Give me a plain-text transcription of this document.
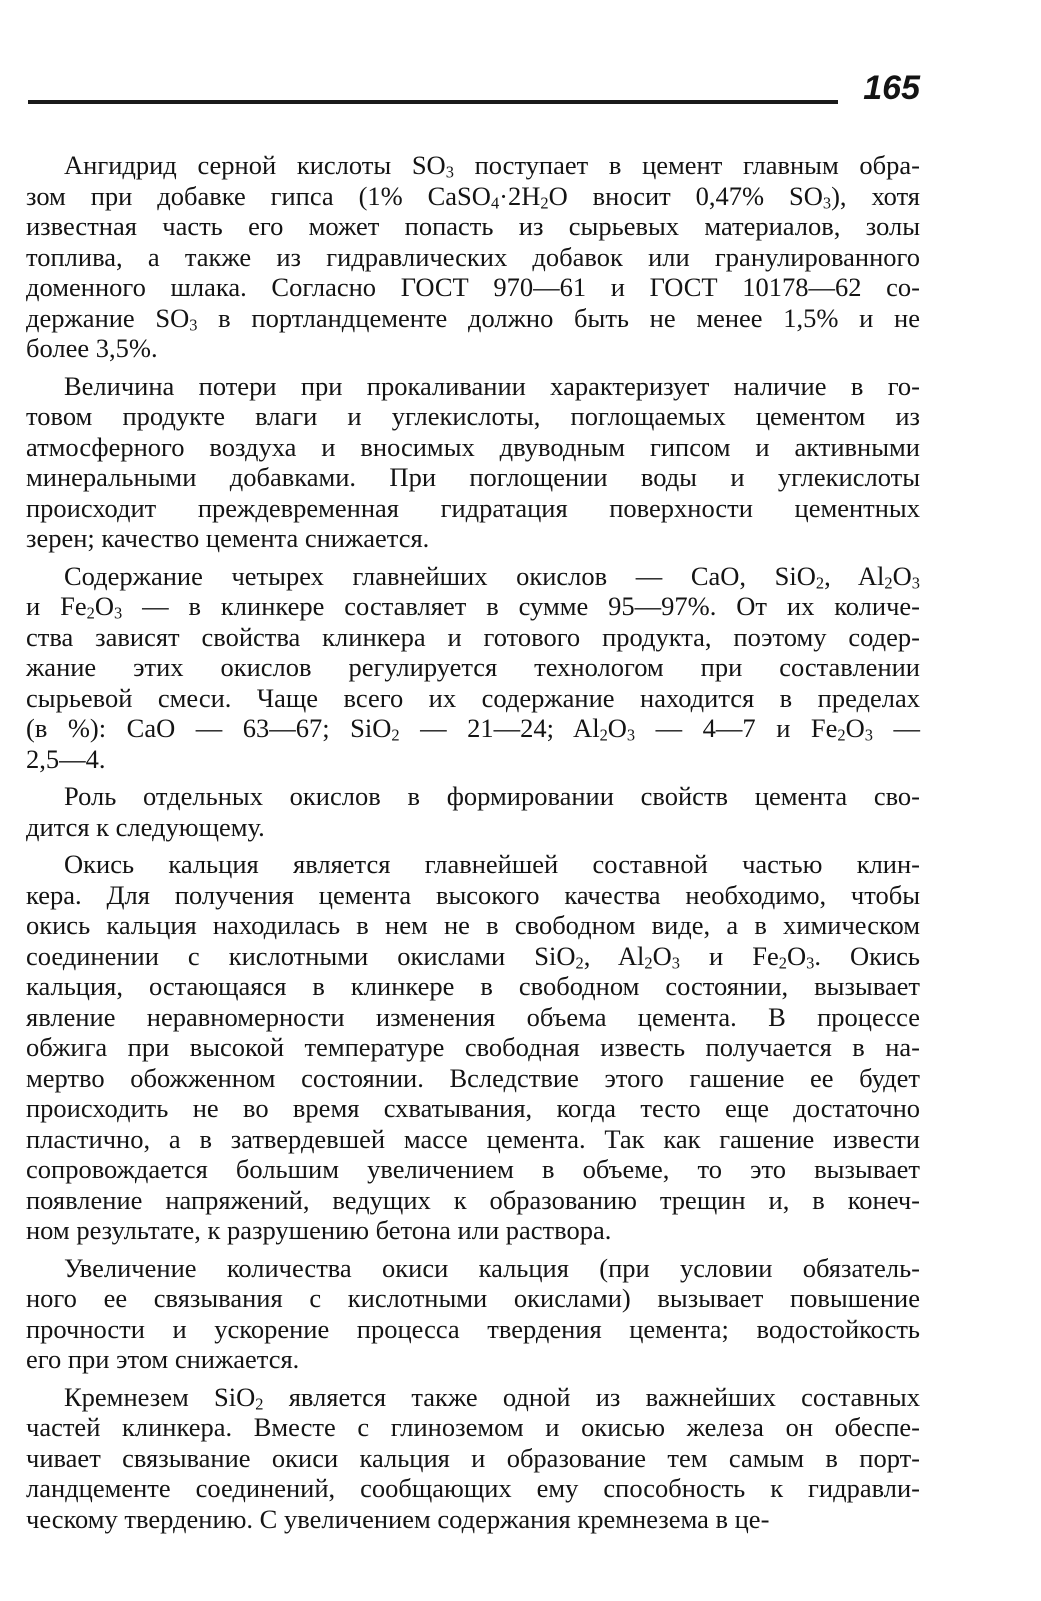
165

Ангидрид серной кислоты $SO_3$ поступает в цемент главным обра-
зом при добавке гипса (1% $CaSO_4\cdot 2H_2O$ вносит 0,47% $SO_3$), хотя
известная часть его может попасть из сырьевых материалов, золы
топлива, а также из гидравлических добавок или гранулированного
доменного шлака. Согласно ГОСТ 970—61 и ГОСТ 10178—62 со-
держание $SO_3$ в портландцементе должно быть не менее 1,5% и не
более 3,5%.

Величина потери при прокаливании характеризует наличие в го-
товом продукте влаги и углекислоты, поглощаемых цементом из
атмосферного воздуха и вносимых двуводным гипсом и активными
минеральными добавками. При поглощении воды и углекислоты
происходит преждевременная гидратация поверхности цементных
зерен; качество цемента снижается.

Содержание четырех главнейших окислов — CaO, SiO$_2$, $Al_2O_3$
и $Fe_2O_3$ — в клинкере составляет в сумме 95—97%. От их количе-
ства зависят свойства клинкера и готового продукта, поэтому содер-
жание этих окислов регулируется технологом при составлении
сырьевой смеси. Чаще всего их содержание находится в пределах
(в %): CaO — 63—67; SiO$_2$ — 21—24; $Al_2O_3$ — 4—7 и $Fe_2O_3$ —
2,5—4.

Роль отдельных окислов в формировании свойств цемента сво-
дится к следующему.

Окись кальция является главнейшей составной частью клин-
кера. Для получения цемента высокого качества необходимо, чтобы
окись кальция находилась в нем не в свободном виде, а в химическом
соединении с кислотными окислами SiO$_2$, $Al_2O_3$ и $Fe_2O_3$. Окись
кальция, остающаяся в клинкере в свободном состоянии, вызывает
явление неравномерности изменения объема цемента. В процессе
обжига при высокой температуре свободная известь получается в на-
мертво обожженном состоянии. Вследствие этого гашение ее будет
происходить не во время схватывания, когда тесто еще достаточно
пластично, а в затвердевшей массе цемента. Так как гашение извести
сопровождается большим увеличением в объеме, то это вызывает
появление напряжений, ведущих к образованию трещин и, в конеч-
ном результате, к разрушению бетона или раствора.

Увеличение количества окиси кальция (при условии обязатель-
ного ее связывания с кислотными окислами) вызывает повышение
прочности и ускорение процесса твердения цемента; водостойкость
его при этом снижается.

Кремнезем SiO$_2$ является также одной из важнейших составных
частей клинкера. Вместе с глиноземом и окисью железа он обеспе-
чивает связывание окиси кальция и образование тем самым в порт-
ландцементе соединений, сообщающих ему способность к гидравли-
ческому твердению. С увеличением содержания кремнезема в це-
